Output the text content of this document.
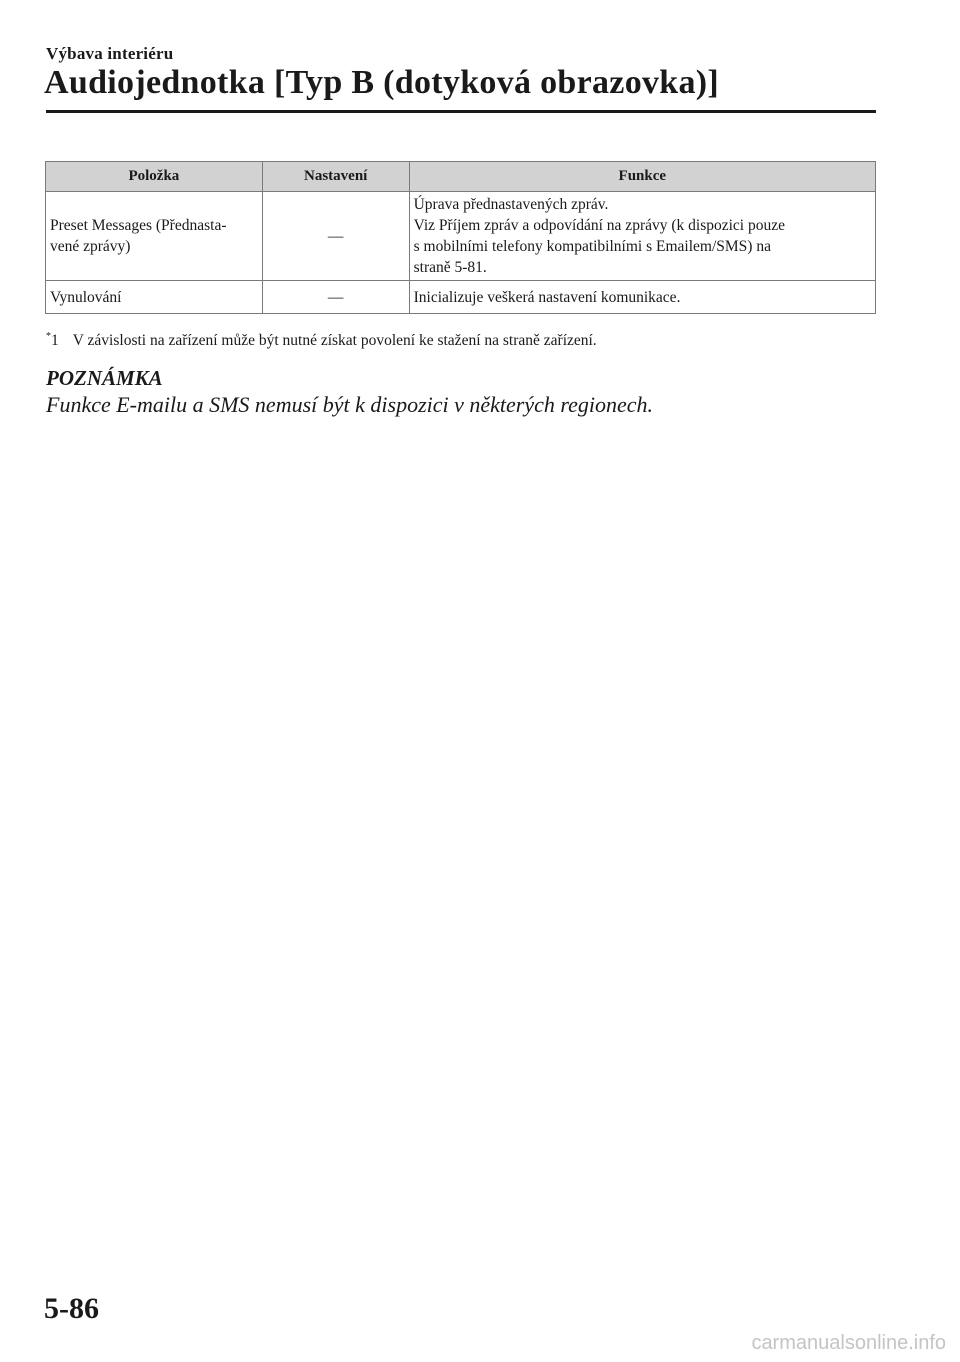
Výbava interiéru
Audiojednotka [Typ B (dotyková obrazovka)]
Položka	Nastavení	Funkce

Preset Messages (Přednasta-
vené zprávy)	—	Úprava přednastavených zpráv.
Viz Příjem zpráv a odpovídání na zprávy (k dispozici pouze
s mobilními telefony kompatibilními s Emailem/SMS) na
straně 5-81.

Vynulování	—	Inicializuje veškerá nastavení komunikace.
*1 V závislosti na zařízení může být nutné získat povolení ke stažení na straně zařízení.
POZNÁMKA
Funkce E-mailu a SMS nemusí být k dispozici v některých regionech.
5-86
carmanualsonline.info
